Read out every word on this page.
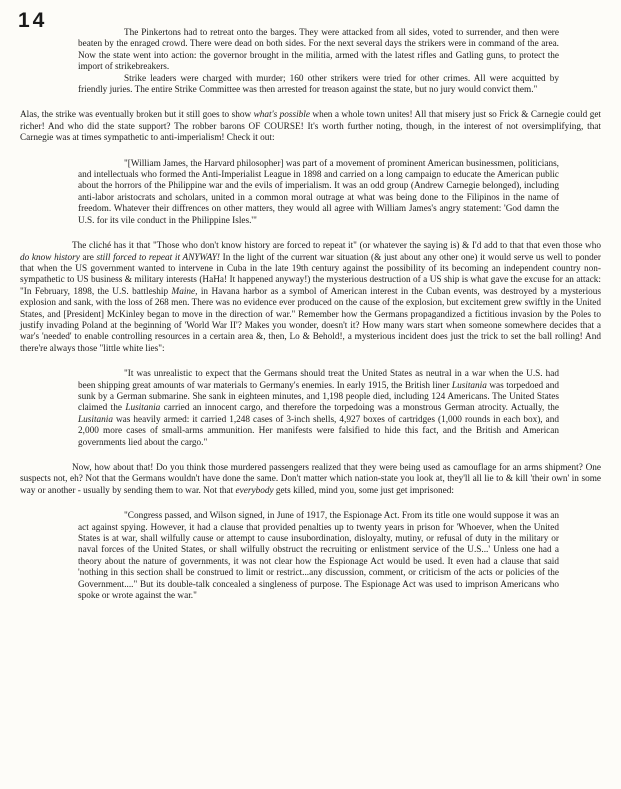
14

The Pinkertons had to retreat onto the barges. They were attacked from all sides, voted to surrender, and then were beaten by the enraged crowd. There were dead on both sides. For the next several days the strikers were in command of the area. Now the state went into action: the governor brought in the militia, armed with the latest rifles and Gatling guns, to protect the import of strikebreakers.

Strike leaders were charged with murder; 160 other strikers were tried for other crimes. All were acquitted by friendly juries. The entire Strike Committee was then arrested for treason against the state, but no jury would convict them."

Alas, the strike was eventually broken but it still goes to show what's possible when a whole town unites! All that misery just so Frick & Carnegie could get richer! And who did the state support? The robber barons OF COURSE! It's worth further noting, though, in the interest of not oversimplifying, that Carnegie was at times sympathetic to anti-imperialism! Check it out:

"[William James, the Harvard philosopher] was part of a movement of prominent American businessmen, politicians, and intellectuals who formed the Anti-Imperialist League in 1898 and carried on a long campaign to educate the American public about the horrors of the Philippine war and the evils of imperialism. It was an odd group (Andrew Carnegie belonged), including anti-labor aristocrats and scholars, united in a common moral outrage at what was being done to the Filipinos in the name of freedom. Whatever their diffrences on other matters, they would all agree with William James's angry statement: 'God damn the U.S. for its vile conduct in the Philippine Isles.'"

The cliché has it that "Those who don't know history are forced to repeat it" (or whatever the saying is) & I'd add to that that even those who do know history are still forced to repeat it ANYWAY! In the light of the current war situation (& just about any other one) it would serve us well to ponder that when the US government wanted to intervene in Cuba in the late 19th century against the possibility of its becoming an independent country non-sympathetic to US business & military interests (HaHa! It happened anyway!) the mysterious destruction of a US ship is what gave the excuse for an attack: "In February, 1898, the U.S. battleship Maine, in Havana harbor as a symbol of American interest in the Cuban events, was destroyed by a mysterious explosion and sank, with the loss of 268 men. There was no evidence ever produced on the cause of the explosion, but excitement grew swiftly in the United States, and [President] McKinley began to move in the direction of war." Remember how the Germans propagandized a fictitious invasion by the Poles to justify invading Poland at the beginning of 'World War II'? Makes you wonder, doesn't it? How many wars start when someone somewhere decides that a war's 'needed' to enable controlling resources in a certain area &, then, Lo & Behold!, a mysterious incident does just the trick to set the ball rolling! And there're always those "little white lies":

"It was unrealistic to expect that the Germans should treat the United States as neutral in a war when the U.S. had been shipping great amounts of war materials to Germany's enemies. In early 1915, the British liner Lusitania was torpedoed and sunk by a German submarine. She sank in eighteen minutes, and 1,198 people died, including 124 Americans. The United States claimed the Lusitania carried an innocent cargo, and therefore the torpedoing was a monstrous German atrocity. Actually, the Lusitania was heavily armed: it carried 1,248 cases of 3-inch shells, 4,927 boxes of cartridges (1,000 rounds in each box), and 2,000 more cases of small-arms ammunition. Her manifests were falsified to hide this fact, and the British and American governments lied about the cargo."

Now, how about that! Do you think those murdered passengers realized that they were being used as camouflage for an arms shipment? One suspects not, eh? Not that the Germans wouldn't have done the same. Don't matter which nation-state you look at, they'll all lie to & kill 'their own' in some way or another - usually by sending them to war. Not that everybody gets killed, mind you, some just get imprisoned:

"Congress passed, and Wilson signed, in June of 1917, the Espionage Act. From its title one would suppose it was an act against spying. However, it had a clause that provided penalties up to twenty years in prison for 'Whoever, when the United States is at war, shall wilfully cause or attempt to cause insubordination, disloyalty, mutiny, or refusal of duty in the military or naval forces of the United States, or shall wilfully obstruct the recruiting or enlistment service of the U.S...' Unless one had a theory about the nature of governments, it was not clear how the Espionage Act would be used. It even had a clause that said 'nothing in this section shall be construed to limit or restrict...any discussion, comment, or criticism of the acts or policies of the Government...." But its double-talk concealed a singleness of purpose. The Espionage Act was used to imprison Americans who spoke or wrote against the war."
